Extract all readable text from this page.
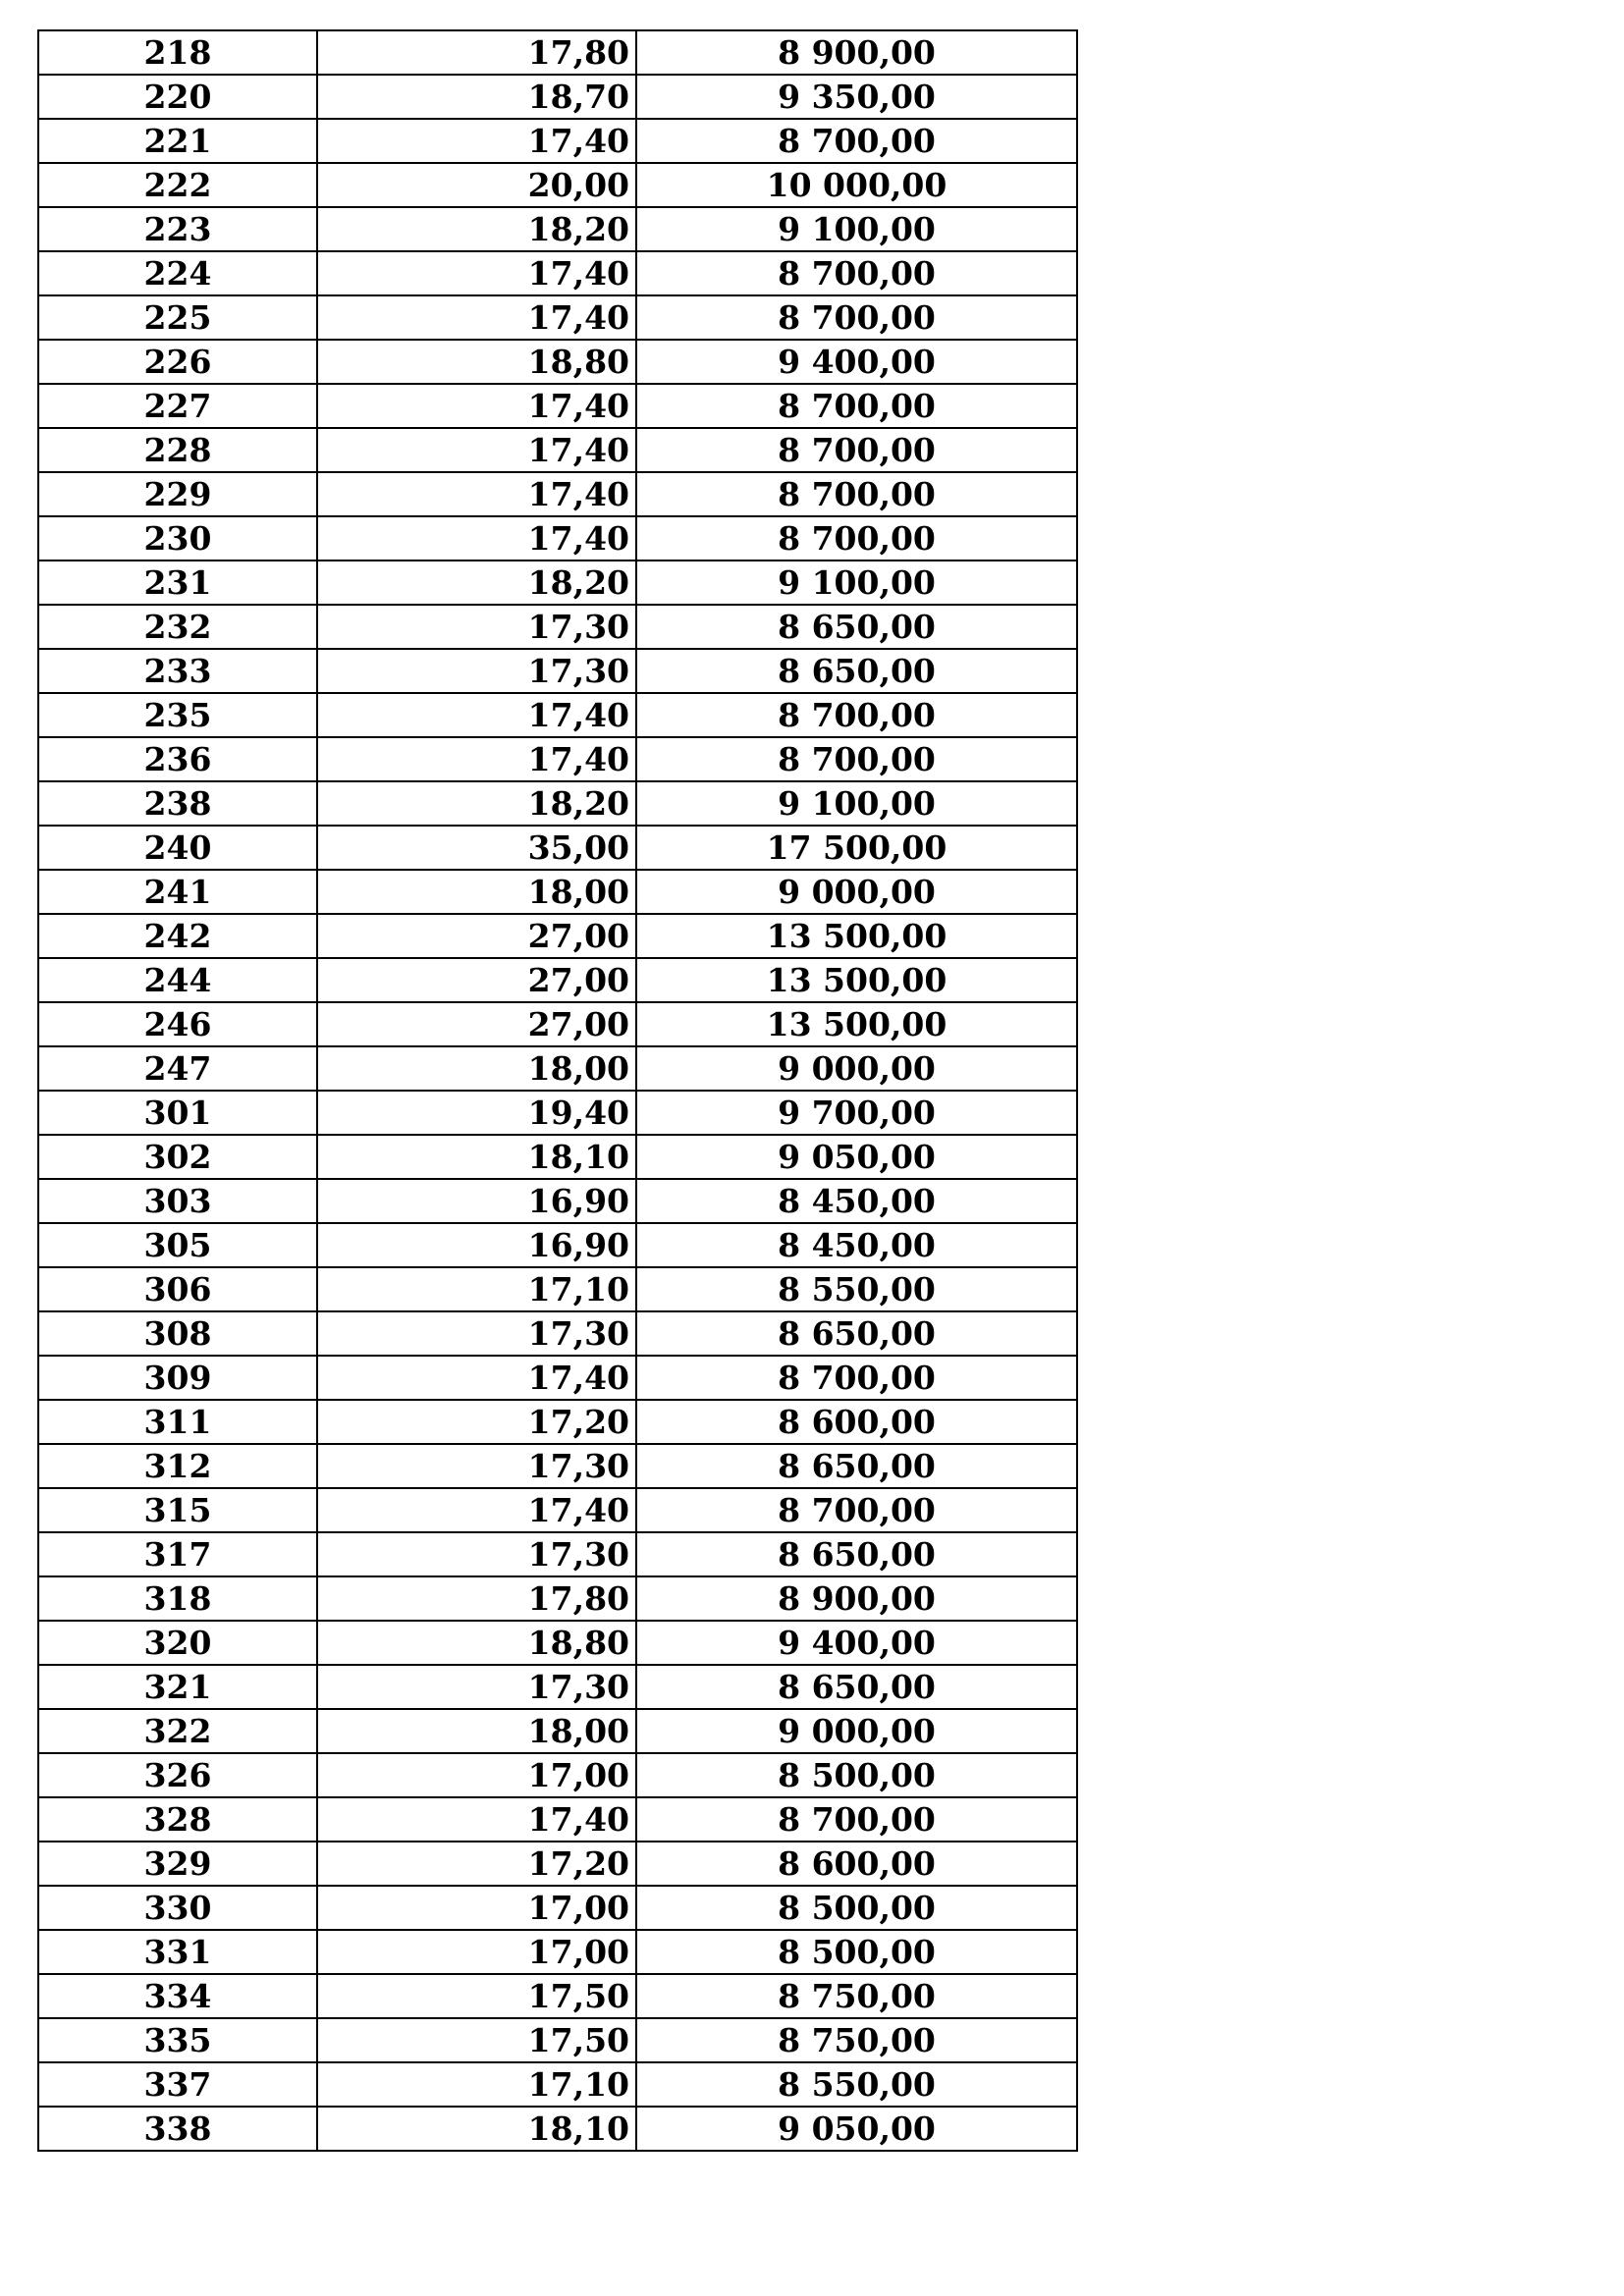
218	17,80	8 900,00
220	18,70	9 350,00
221	17,40	8 700,00
222	20,00	10 000,00
223	18,20	9 100,00
224	17,40	8 700,00
225	17,40	8 700,00
226	18,80	9 400,00
227	17,40	8 700,00
228	17,40	8 700,00
229	17,40	8 700,00
230	17,40	8 700,00
231	18,20	9 100,00
232	17,30	8 650,00
233	17,30	8 650,00
235	17,40	8 700,00
236	17,40	8 700,00
238	18,20	9 100,00
240	35,00	17 500,00
241	18,00	9 000,00
242	27,00	13 500,00
244	27,00	13 500,00
246	27,00	13 500,00
247	18,00	9 000,00
301	19,40	9 700,00
302	18,10	9 050,00
303	16,90	8 450,00
305	16,90	8 450,00
306	17,10	8 550,00
308	17,30	8 650,00
309	17,40	8 700,00
311	17,20	8 600,00
312	17,30	8 650,00
315	17,40	8 700,00
317	17,30	8 650,00
318	17,80	8 900,00
320	18,80	9 400,00
321	17,30	8 650,00
322	18,00	9 000,00
326	17,00	8 500,00
328	17,40	8 700,00
329	17,20	8 600,00
330	17,00	8 500,00
331	17,00	8 500,00
334	17,50	8 750,00
335	17,50	8 750,00
337	17,10	8 550,00
338	18,10	9 050,00
